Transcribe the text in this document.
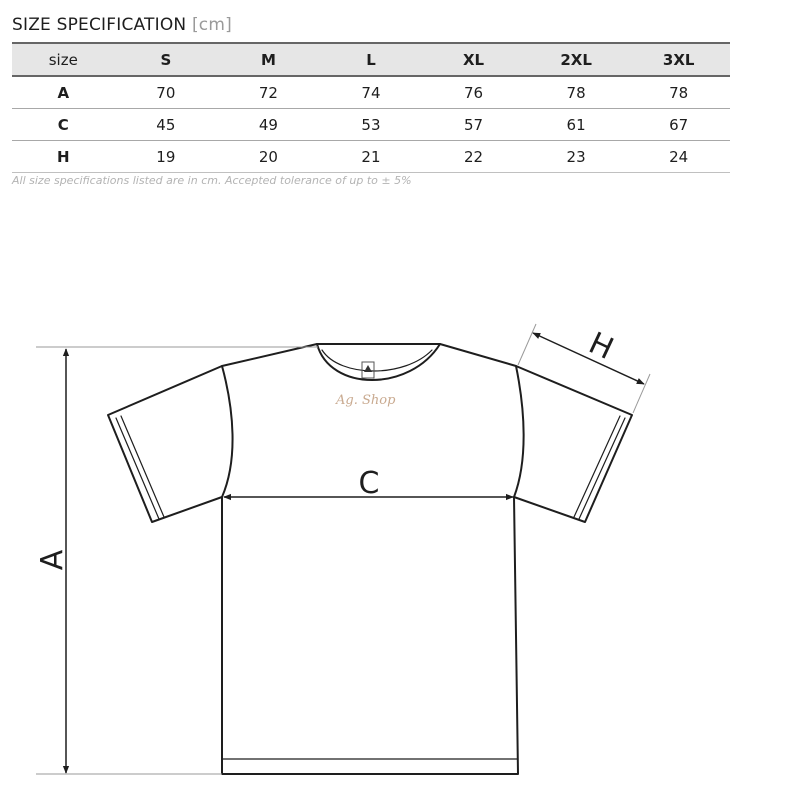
SIZE SPECIFICATION [cm]
size	S	M	L	XL	2XL	3XL
A	70	72	74	76	78	78
C	45	49	53	57	61	67
H	19	20	21	22	23	24
All size specifications listed are in cm. Accepted tolerance of up to ± 5%
Ag. Shop
A
C
H
